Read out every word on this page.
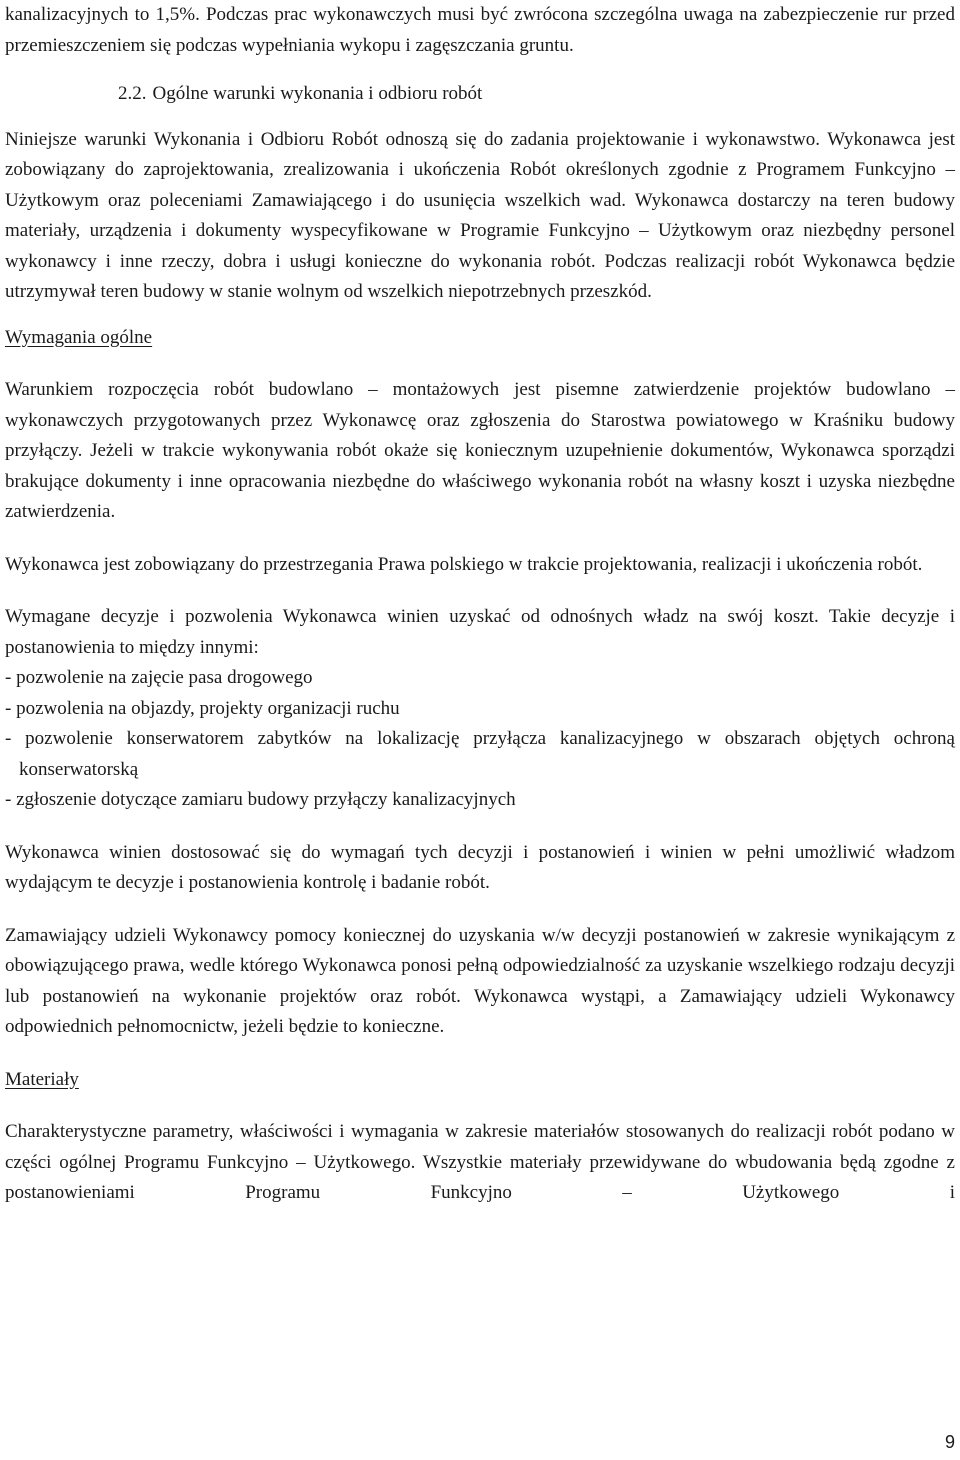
kanalizacyjnych to 1,5%. Podczas prac wykonawczych musi być zwrócona szczególna uwaga na zabezpieczenie rur przed przemieszczeniem się podczas wypełniania wykopu i zagęszczania gruntu.

2.2. Ogólne warunki wykonania i odbioru robót

Niniejsze warunki Wykonania i Odbioru Robót odnoszą się do zadania projektowanie i wykonawstwo. Wykonawca jest zobowiązany do zaprojektowania, zrealizowania i ukończenia Robót określonych zgodnie z Programem Funkcyjno – Użytkowym oraz poleceniami Zamawiającego i do usunięcia wszelkich wad. Wykonawca dostarczy na teren budowy materiały, urządzenia i dokumenty wyspecyfikowane w Programie Funkcyjno – Użytkowym oraz niezbędny personel wykonawcy i inne rzeczy, dobra i usługi konieczne do wykonania robót. Podczas realizacji robót Wykonawca będzie utrzymywał teren budowy w stanie wolnym od wszelkich niepotrzebnych przeszkód.

Wymagania ogólne

Warunkiem rozpoczęcia robót budowlano – montażowych jest pisemne zatwierdzenie projektów budowlano – wykonawczych przygotowanych przez Wykonawcę oraz zgłoszenia do Starostwa powiatowego w Kraśniku budowy przyłączy. Jeżeli w trakcie wykonywania robót okaże się koniecznym uzupełnienie dokumentów, Wykonawca sporządzi brakujące dokumenty i inne opracowania niezbędne do właściwego wykonania robót na własny koszt i uzyska niezbędne zatwierdzenia.

Wykonawca jest zobowiązany do przestrzegania Prawa polskiego w trakcie projektowania, realizacji i ukończenia robót.

Wymagane decyzje i pozwolenia Wykonawca winien uzyskać od odnośnych władz na swój koszt. Takie decyzje i postanowienia to między innymi:

- pozwolenie na zajęcie pasa drogowego

- pozwolenia na objazdy, projekty organizacji ruchu

- pozwolenie konserwatorem zabytków na lokalizację przyłącza kanalizacyjnego w obszarach objętych ochroną konserwatorską

- zgłoszenie dotyczące zamiaru budowy przyłączy kanalizacyjnych

Wykonawca winien dostosować się do wymagań tych decyzji i postanowień i winien w pełni umożliwić władzom wydającym te decyzje i postanowienia kontrolę i badanie robót.

Zamawiający udzieli Wykonawcy pomocy koniecznej do uzyskania w/w decyzji postanowień w zakresie wynikającym z obowiązującego prawa, wedle którego Wykonawca ponosi pełną odpowiedzialność za uzyskanie wszelkiego rodzaju decyzji lub postanowień na wykonanie projektów oraz robót. Wykonawca wystąpi, a Zamawiający udzieli Wykonawcy odpowiednich pełnomocnictw, jeżeli będzie to konieczne.

Materiały

Charakterystyczne parametry, właściwości i wymagania w zakresie materiałów stosowanych do realizacji robót podano w części ogólnej Programu Funkcyjno – Użytkowego. Wszystkie materiały przewidywane do wbudowania będą zgodne z postanowieniami Programu Funkcyjno – Użytkowego i

9
